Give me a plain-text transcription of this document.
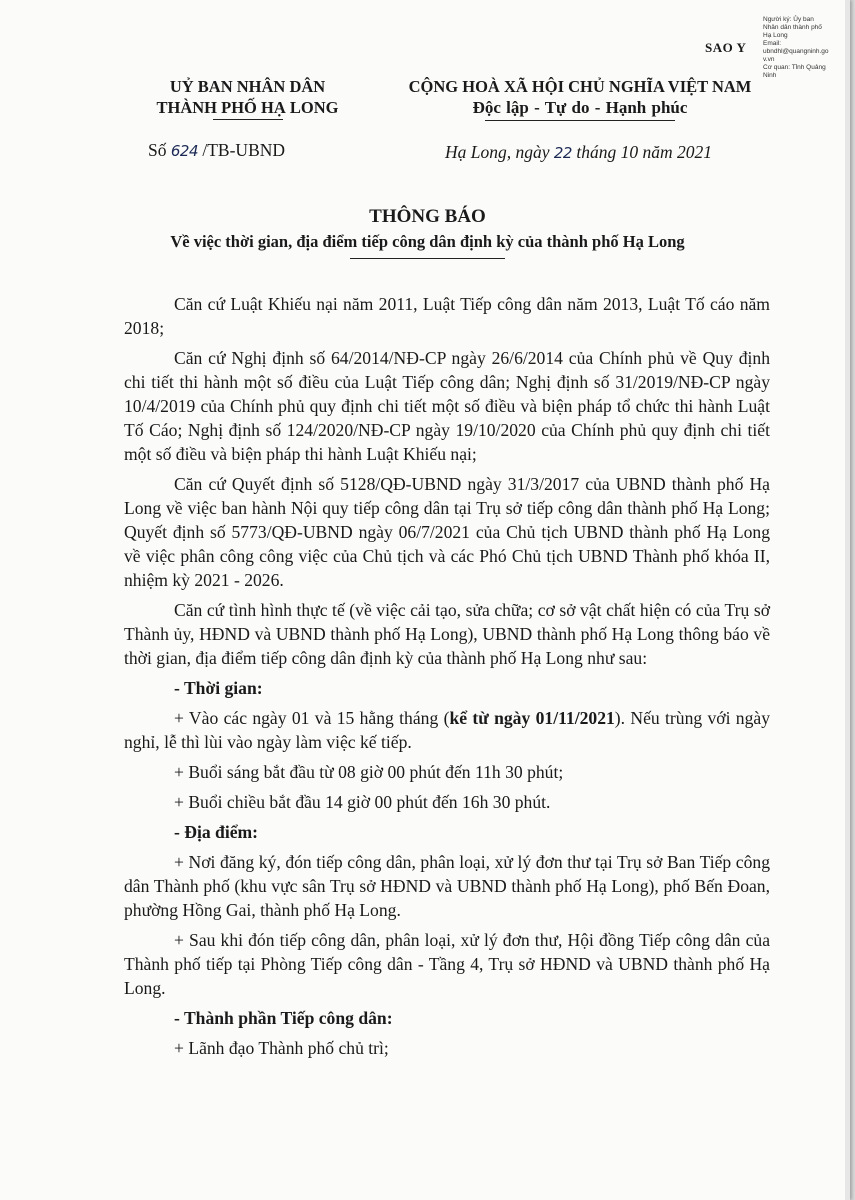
Người ký: Ủy ban
Nhân dân thành phố
Hạ Long
Email:
ubndhl@quangninh.go
v.vn
Cơ quan: Tỉnh Quảng
Ninh
SAO Y
UỶ BAN NHÂN DÂN
THÀNH PHỐ HẠ LONG
CỘNG HOÀ XÃ HỘI CHỦ NGHĨA VIỆT NAM
Độc lập - Tự do - Hạnh phúc
Số 624 /TB-UBND	Hạ Long, ngày 22 tháng 10 năm 2021
THÔNG BÁO
Về việc thời gian, địa điểm tiếp công dân định kỳ của thành phố Hạ Long

Căn cứ Luật Khiếu nại năm 2011, Luật Tiếp công dân năm 2013, Luật Tố cáo năm 2018;

Căn cứ Nghị định số 64/2014/NĐ-CP ngày 26/6/2014 của Chính phủ về Quy định chi tiết thi hành một số điều của Luật Tiếp công dân; Nghị định số 31/2019/NĐ-CP ngày 10/4/2019 của Chính phủ quy định chi tiết một số điều và biện pháp tổ chức thi hành Luật Tố Cáo; Nghị định số 124/2020/NĐ-CP ngày 19/10/2020 của Chính phủ quy định chi tiết một số điều và biện pháp thi hành Luật Khiếu nại;

Căn cứ Quyết định số 5128/QĐ-UBND ngày 31/3/2017 của UBND thành phố Hạ Long về việc ban hành Nội quy tiếp công dân tại Trụ sở tiếp công dân thành phố Hạ Long; Quyết định số 5773/QĐ-UBND ngày 06/7/2021 của Chủ tịch UBND thành phố Hạ Long về việc phân công công việc của Chủ tịch và các Phó Chủ tịch UBND Thành phố khóa II, nhiệm kỳ 2021 - 2026.

Căn cứ tình hình thực tế (về việc cải tạo, sửa chữa; cơ sở vật chất hiện có của Trụ sở Thành ủy, HĐND và UBND thành phố Hạ Long), UBND thành phố Hạ Long thông báo về thời gian, địa điểm tiếp công dân định kỳ của thành phố Hạ Long như sau:

- Thời gian:

+ Vào các ngày 01 và 15 hằng tháng (kể từ ngày 01/11/2021). Nếu trùng với ngày nghỉ, lễ thì lùi vào ngày làm việc kế tiếp.

+ Buổi sáng bắt đầu từ 08 giờ 00 phút đến 11h 30 phút;

+ Buổi chiều bắt đầu 14 giờ 00 phút đến 16h 30 phút.

- Địa điểm:

+ Nơi đăng ký, đón tiếp công dân, phân loại, xử lý đơn thư tại Trụ sở Ban Tiếp công dân Thành phố (khu vực sân Trụ sở HĐND và UBND thành phố Hạ Long), phố Bến Đoan, phường Hồng Gai, thành phố Hạ Long.

+ Sau khi đón tiếp công dân, phân loại, xử lý đơn thư, Hội đồng Tiếp công dân của Thành phố tiếp tại Phòng Tiếp công dân - Tầng 4, Trụ sở HĐND và UBND thành phố Hạ Long.

- Thành phần Tiếp công dân:

+ Lãnh đạo Thành phố chủ trì;
